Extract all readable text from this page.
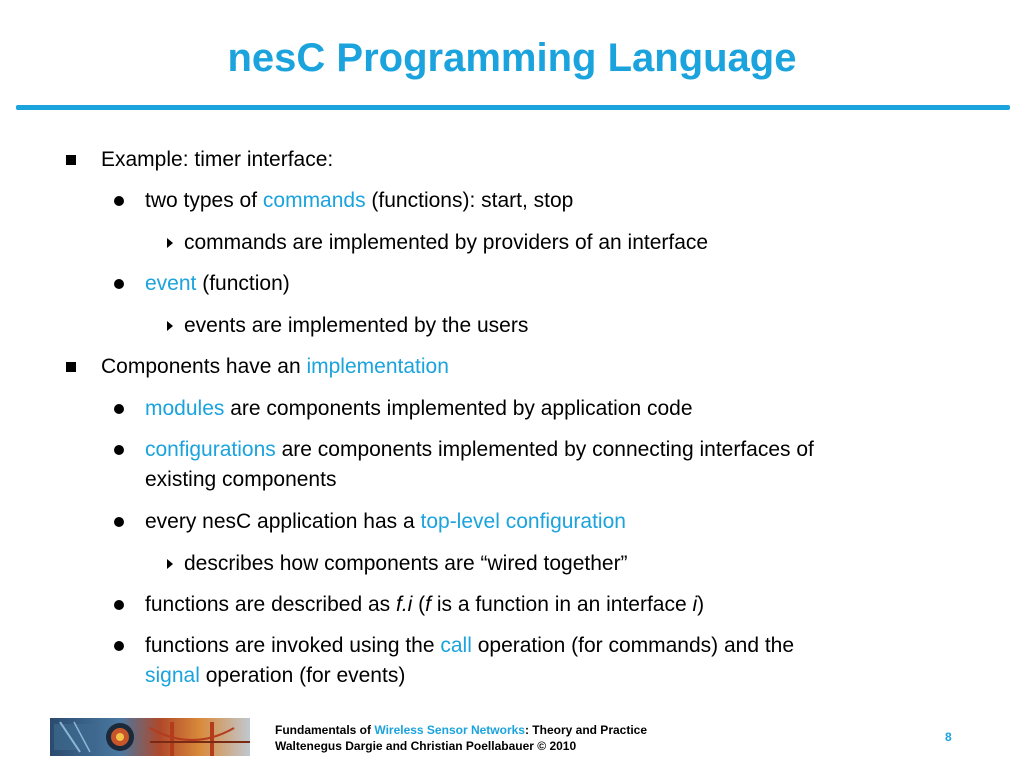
nesC Programming Language
Example: timer interface:
two types of commands (functions): start, stop
commands are implemented by providers of an interface
event (function)
events are implemented by the users
Components have an implementation
modules are components implemented by application code
configurations are components implemented by connecting interfaces of
existing components
every nesC application has a top-level configuration
describes how components are “wired together”
functions are described as f.i (f is a function in an interface i)
functions are invoked using the call operation (for commands) and the
signal operation (for events)
Fundamentals of Wireless Sensor Networks: Theory and Practice
Waltenegus Dargie and Christian Poellabauer © 2010
8
